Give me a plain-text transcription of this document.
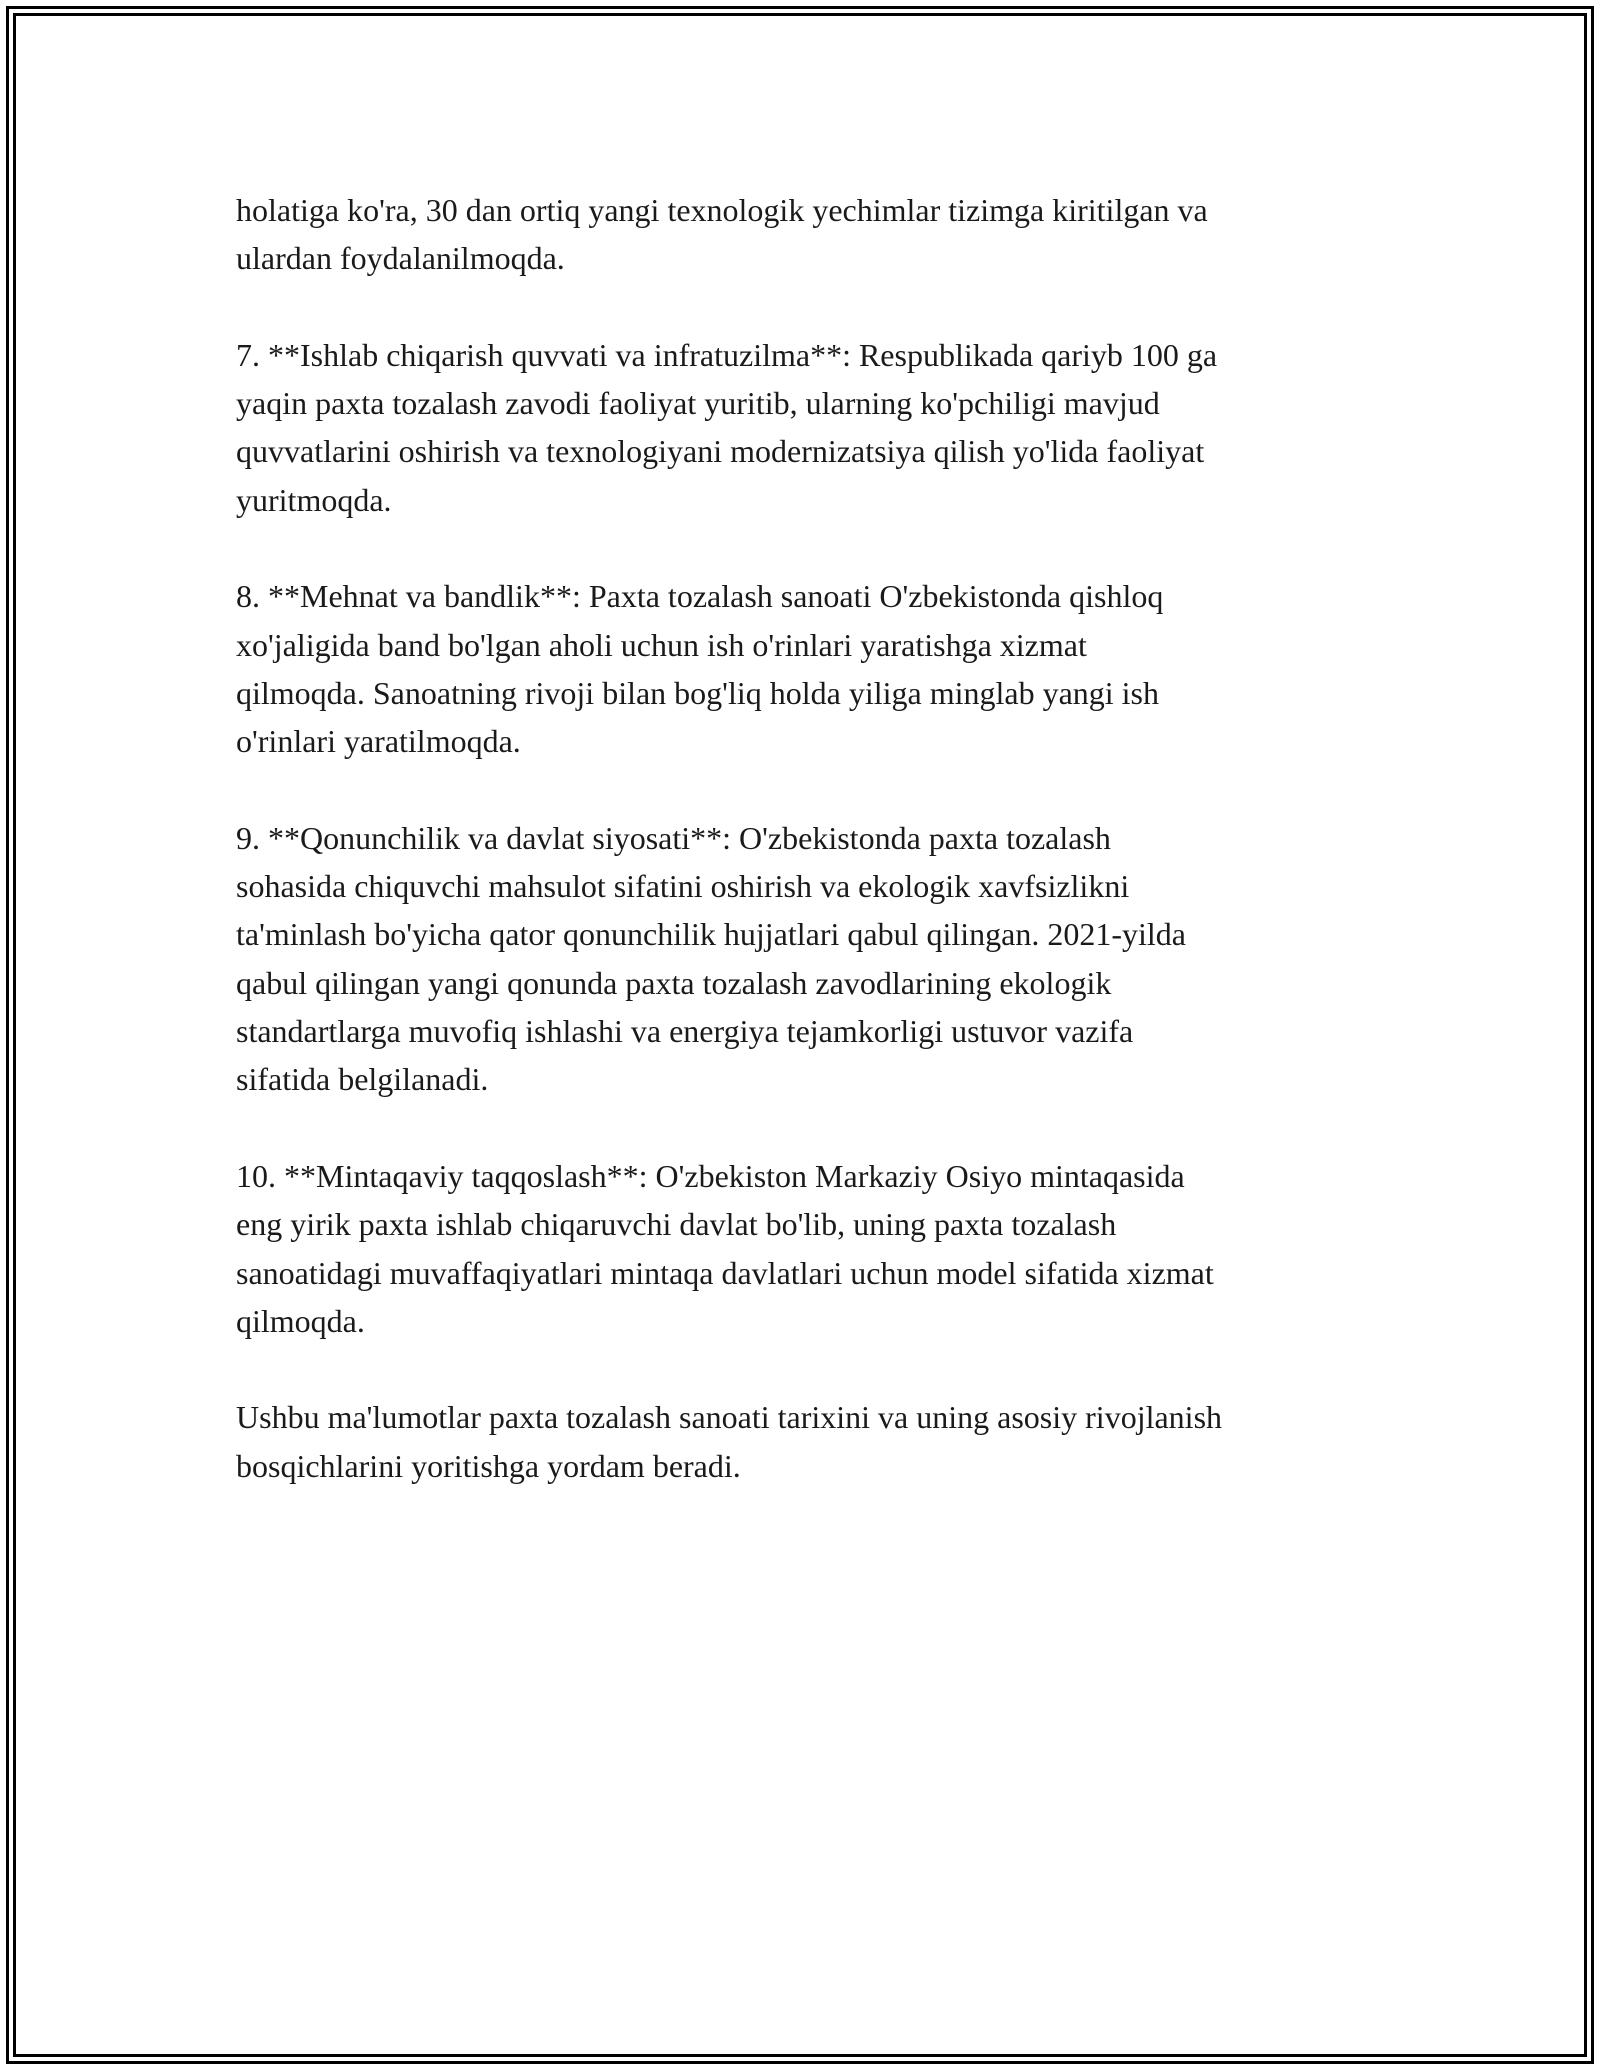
holatiga ko'ra, 30 dan ortiq yangi texnologik yechimlar tizimga kiritilgan va
ulardan foydalanilmoqda.

7. **Ishlab chiqarish quvvati va infratuzilma**: Respublikada qariyb 100 ga
yaqin paxta tozalash zavodi faoliyat yuritib, ularning ko'pchiligi mavjud
quvvatlarini oshirish va texnologiyani modernizatsiya qilish yo'lida faoliyat
yuritmoqda.

8. **Mehnat va bandlik**: Paxta tozalash sanoati O'zbekistonda qishloq
xo'jaligida band bo'lgan aholi uchun ish o'rinlari yaratishga xizmat
qilmoqda. Sanoatning rivoji bilan bog'liq holda yiliga minglab yangi ish
o'rinlari yaratilmoqda.

9. **Qonunchilik va davlat siyosati**: O'zbekistonda paxta tozalash
sohasida chiquvchi mahsulot sifatini oshirish va ekologik xavfsizlikni
ta'minlash bo'yicha qator qonunchilik hujjatlari qabul qilingan. 2021-yilda
qabul qilingan yangi qonunda paxta tozalash zavodlarining ekologik
standartlarga muvofiq ishlashi va energiya tejamkorligi ustuvor vazifa
sifatida belgilanadi.

10. **Mintaqaviy taqqoslash**: O'zbekiston Markaziy Osiyo mintaqasida
eng yirik paxta ishlab chiqaruvchi davlat bo'lib, uning paxta tozalash
sanoatidagi muvaffaqiyatlari mintaqa davlatlari uchun model sifatida xizmat
qilmoqda.

Ushbu ma'lumotlar paxta tozalash sanoati tarixini va uning asosiy rivojlanish
bosqichlarini yoritishga yordam beradi.
